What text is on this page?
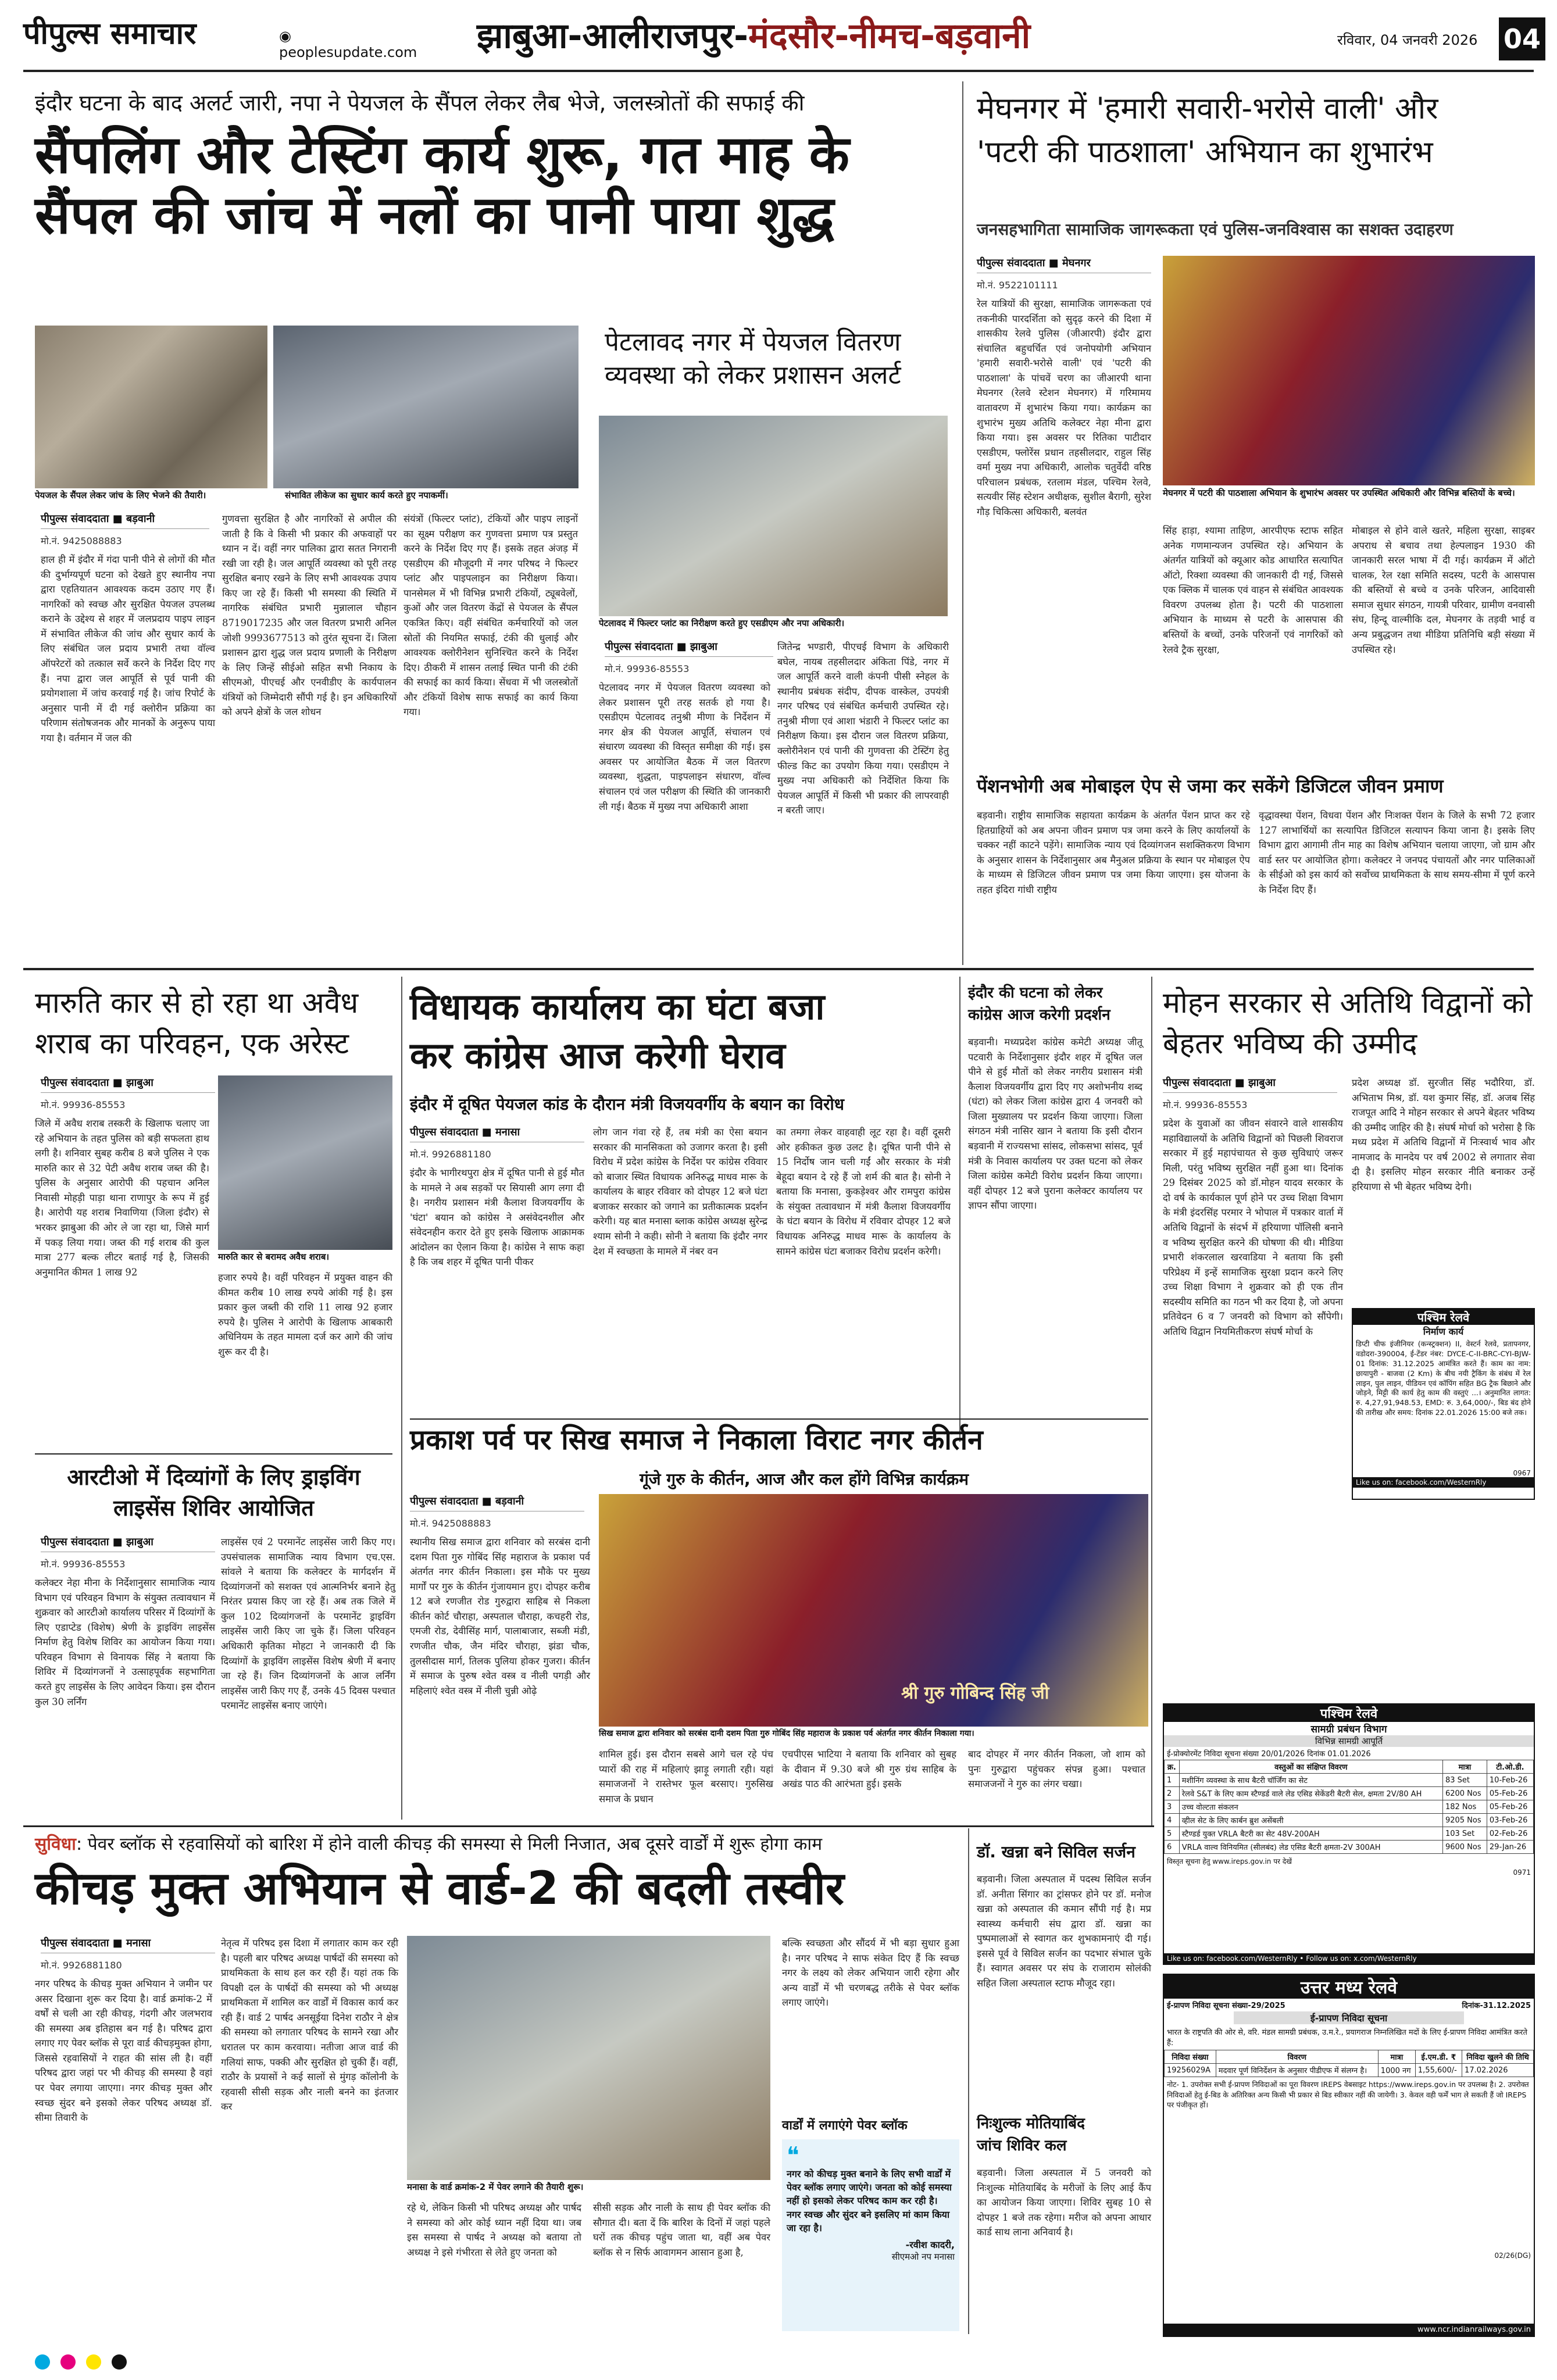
पीपुल्स समाचार	◉ peoplesupdate.com	झाबुआ-आलीराजपुर-मंदसौर-नीमच-बड़वानी	रविवार, 04 जनवरी 2026 04
इंदौर घटना के बाद अलर्ट जारी, नपा ने पेयजल के सैंपल लेकर लैब भेजे, जलस्त्रोतों की सफाई की
सैंपलिंग और टेस्टिंग कार्य शुरू, गत माह के
सैंपल की जांच में नलों का पानी पाया शुद्ध
पेयजल के सैंपल लेकर जांच के लिए भेजने की तैयारी।	संभावित लीकेज का सुधार कार्य करते हुए नपाकर्मी।
पीपुल्स संवाददाता ■ बड़वानी
मो.नं. 9425088883
हाल ही में इंदौर में गंदा पानी पीने से लोगों की मौत की दुर्भाग्यपूर्ण घटना को देखते हुए स्थानीय नपा द्वारा एहतियातन आवश्यक कदम उठाए गए हैं। नागरिकों को स्वच्छ और सुरक्षित पेयजल उपलब्ध कराने के उद्देश्य से शहर में जलप्रदाय पाइप लाइन में संभावित लीकेज की जांच और सुधार कार्य के लिए संबंधित जल प्रदाय प्रभारी तथा वॉल्व ऑपरेटरों को तत्काल सर्वे करने के निर्देश दिए गए हैं। नपा द्वारा जल आपूर्ति से पूर्व पानी की प्रयोगशाला में जांच करवाई गई है। जांच रिपोर्ट के अनुसार पानी में दी गई क्लोरीन प्रक्रिया का परिणाम संतोषजनक और मानकों के अनुरूप पाया गया है। वर्तमान में जल की
गुणवत्ता सुरक्षित है और नागरिकों से अपील की जाती है कि वे किसी भी प्रकार की अफवाहों पर ध्यान न दें। वहीं नगर पालिका द्वारा सतत निगरानी रखी जा रही है। जल आपूर्ति व्यवस्था को पूरी तरह सुरक्षित बनाए रखने के लिए सभी आवश्यक उपाय किए जा रहे हैं। किसी भी समस्या की स्थिति में नागरिक संबंधित प्रभारी मुन्नालाल चौहान 8719017235 और जल वितरण प्रभारी अनिल जोशी 9993677513 को तुरंत सूचना दें। जिला प्रशासन द्वारा शुद्ध जल प्रदाय प्रणाली के निरीक्षण के लिए जिन्हें सीईओ सहित सभी निकाय के सीएमओ, पीएचई और एनवीडीए के कार्यपालन यंत्रियों को जिम्मेदारी सौंपी गई है। इन अधिकारियों को अपने क्षेत्रों के जल शोधन
संयंत्रों (फिल्टर प्लांट), टंकियों और पाइप लाइनों का सूक्ष्म परीक्षण कर गुणवत्ता प्रमाण पत्र प्रस्तुत करने के निर्देश दिए गए हैं। इसके तहत अंजड़ में एसडीएम की मौजूदगी में नगर परिषद ने फिल्टर प्लांट और पाइपलाइन का निरीक्षण किया। पानसेमल में भी विभिन्न प्रभारी टंकियों, ट्यूबवेलों, कुओं और जल वितरण केंद्रों से पेयजल के सैंपल एकत्रित किए। वहीं संबंधित कर्मचारियों को जल स्रोतों की नियमित सफाई, टंकी की धुलाई और आवश्यक क्लोरीनेशन सुनिश्चित करने के निर्देश दिए। ठीकरी में शासन तलाई स्थित पानी की टंकी की सफाई का कार्य किया। सेंधवा में भी जलस्त्रोतों और टंकियों विशेष साफ सफाई का कार्य किया गया।
पेटलावद नगर में पेयजल वितरण व्यवस्था को लेकर प्रशासन अलर्ट
पेटलावद में फिल्टर प्लांट का निरीक्षण करते हुए एसडीएम और नपा अधिकारी।
पीपुल्स संवाददाता ■ झाबुआ
मो.नं. 99936-85553
पेटलावद नगर में पेयजल वितरण व्यवस्था को लेकर प्रशासन पूरी तरह सतर्क हो गया है। एसडीएम पेटलावद तनुश्री मीणा के निर्देशन में नगर क्षेत्र की पेयजल आपूर्ति, संचालन एवं संधारण व्यवस्था की विस्तृत समीक्षा की गई। इस अवसर पर आयोजित बैठक में जल वितरण व्यवस्था, शुद्धता, पाइपलाइन संधारण, वॉल्व संचालन एवं जल परीक्षण की स्थिति की जानकारी ली गई। बैठक में मुख्य नपा अधिकारी आशा
जितेन्द्र भण्डारी, पीएचई विभाग के अधिकारी बघेल, नायब तहसीलदार अंकिता पिंडे, नगर में जल आपूर्ति करने वाली कंपनी पीसी स्नेहल के स्थानीय प्रबंधक संदीप, दीपक वास्केल, उपयंत्री नगर परिषद एवं संबंधित कर्मचारी उपस्थित रहे। तनुश्री मीणा एवं आशा भंडारी ने फिल्टर प्लांट का निरीक्षण किया। इस दौरान जल वितरण प्रक्रिया, क्लोरीनेशन एवं पानी की गुणवत्ता की टेस्टिंग हेतु फील्ड किट का उपयोग किया गया। एसडीएम ने मुख्य नपा अधिकारी को निर्देशित किया कि पेयजल आपूर्ति में किसी भी प्रकार की लापरवाही न बरती जाए।
मेघनगर में 'हमारी सवारी-भरोसे वाली' और
'पटरी की पाठशाला' अभियान का शुभारंभ
जनसहभागिता सामाजिक जागरूकता एवं पुलिस-जनविश्वास का सशक्त उदाहरण
पीपुल्स संवाददाता ■ मेघनगर
मो.नं. 9522101111
रेल यात्रियों की सुरक्षा, सामाजिक जागरूकता एवं तकनीकी पारदर्शिता को सुदृढ़ करने की दिशा में शासकीय रेलवे पुलिस (जीआरपी) इंदौर द्वारा संचालित बहुचर्चित एवं जनोपयोगी अभियान 'हमारी सवारी-भरोसे वाली' एवं 'पटरी की पाठशाला' के पांचवें चरण का जीआरपी थाना मेघनगर (रेलवे स्टेशन मेघनगर) में गरिमामय वातावरण में शुभारंभ किया गया। कार्यक्रम का शुभारंभ मुख्य अतिथि कलेक्टर नेहा मीना द्वारा किया गया। इस अवसर पर रितिका पाटीदार एसडीएम, फ्लोरेंस प्रधान तहसीलदार, राहुल सिंह वर्मा मुख्य नपा अधिकारी, आलोक चतुर्वेदी वरिष्ठ परिचालन प्रबंधक, रतलाम मंडल, पश्चिम रेलवे, सत्यवीर सिंह स्टेशन अधीक्षक, सुशील बैरागी, सुरेश गौड़ चिकित्सा अधिकारी, बलवंत
मेघनगर में पटरी की पाठशाला अभियान के शुभारंभ अवसर पर उपस्थित अधिकारी और विभिन्न बस्तियों के बच्चे।
सिंह हाड़ा, श्यामा ताहिण, आरपीएफ स्टाफ सहित अनेक गणमान्यजन उपस्थित रहे। अभियान के अंतर्गत यात्रियों को क्यूआर कोड आधारित सत्यापित ऑटो, रिक्शा व्यवस्था की जानकारी दी गई, जिससे एक क्लिक में चालक एवं वाहन से संबंधित आवश्यक विवरण उपलब्ध होता है। पटरी की पाठशाला अभियान के माध्यम से पटरी के आसपास की बस्तियों के बच्चों, उनके परिजनों एवं नागरिकों को रेलवे ट्रैक सुरक्षा,
मोबाइल से होने वाले खतरे, महिला सुरक्षा, साइबर अपराध से बचाव तथा हेल्पलाइन 1930 की जानकारी सरल भाषा में दी गई। कार्यक्रम में ऑटो चालक, रेल रक्षा समिति सदस्य, पटरी के आसपास की बस्तियों से बच्चे व उनके परिजन, आदिवासी समाज सुधार संगठन, गायत्री परिवार, ग्रामीण वनवासी संघ, हिन्दू वाल्मीकि दल, मेघनगर के तड़वी भाई व अन्य प्रबुद्धजन तथा मीडिया प्रतिनिधि बड़ी संख्या में उपस्थित रहे।
पेंशनभोगी अब मोबाइल ऐप से जमा कर सकेंगे डिजिटल जीवन प्रमाण
बड़वानी। राष्ट्रीय सामाजिक सहायता कार्यक्रम के अंतर्गत पेंशन प्राप्त कर रहे हितग्राहियों को अब अपना जीवन प्रमाण पत्र जमा करने के लिए कार्यालयों के चक्कर नहीं काटने पड़ेंगे। सामाजिक न्याय एवं दिव्यांगजन सशक्तिकरण विभाग के अनुसार शासन के निर्देशानुसार अब मैनुअल प्रक्रिया के स्थान पर मोबाइल ऐप के माध्यम से डिजिटल जीवन प्रमाण पत्र जमा किया जाएगा। इस योजना के तहत इंदिरा गांधी राष्ट्रीय
वृद्धावस्था पेंशन, विधवा पेंशन और निःशक्त पेंशन के जिले के सभी 72 हजार 127 लाभार्थियों का सत्यापित डिजिटल सत्यापन किया जाना है। इसके लिए विभाग द्वारा आगामी तीन माह का विशेष अभियान चलाया जाएगा, जो ग्राम और वार्ड स्तर पर आयोजित होगा। कलेक्टर ने जनपद पंचायतों और नगर पालिकाओं के सीईओ को इस कार्य को सर्वोच्च प्राथमिकता के साथ समय-सीमा में पूर्ण करने के निर्देश दिए हैं।
मारुति कार से हो रहा था अवैध शराब का परिवहन, एक अरेस्ट
पीपुल्स संवाददाता ■ झाबुआ
मो.नं. 99936-85553
जिले में अवैध शराब तस्करी के खिलाफ चलाए जा रहे अभियान के तहत पुलिस को बड़ी सफलता हाथ लगी है। शनिवार सुबह करीब 8 बजे पुलिस ने एक मारुति कार से 32 पेटी अवैध शराब जब्त की है। पुलिस के अनुसार आरोपी की पहचान अनिल निवासी मोहड़ी पाड़ा थाना राणापुर के रूप में हुई है। आरोपी यह शराब निवाणिया (जिला इंदौर) से भरकर झाबुआ की ओर ले जा रहा था, जिसे मार्ग में पकड़ लिया गया। जब्त की गई शराब की कुल मात्रा 277 बल्क लीटर बताई गई है, जिसकी अनुमानित कीमत 1 लाख 92
मारुति कार से बरामद अवैध शराब।
हजार रुपये है। वहीं परिवहन में प्रयुक्त वाहन की कीमत करीब 10 लाख रुपये आंकी गई है। इस प्रकार कुल जब्ती की राशि 11 लाख 92 हजार रुपये है। पुलिस ने आरोपी के खिलाफ आबकारी अधिनियम के तहत मामला दर्ज कर आगे की जांच शुरू कर दी है।
आरटीओ में दिव्यांगों के लिए ड्राइविंग लाइसेंस शिविर आयोजित
पीपुल्स संवाददाता ■ झाबुआ
मो.नं. 99936-85553
कलेक्टर नेहा मीना के निर्देशानुसार सामाजिक न्याय विभाग एवं परिवहन विभाग के संयुक्त तत्वावधान में शुक्रवार को आरटीओ कार्यालय परिसर में दिव्यांगों के लिए एडाप्टेड (विशेष) श्रेणी के ड्राइविंग लाइसेंस निर्माण हेतु विशेष शिविर का आयोजन किया गया। परिवहन विभाग से विनायक सिंह ने बताया कि शिविर में दिव्यांगजनों ने उत्साहपूर्वक सहभागिता करते हुए लाइसेंस के लिए आवेदन किया। इस दौरान कुल 30 लर्निंग
लाइसेंस एवं 2 परमानेंट लाइसेंस जारी किए गए। उपसंचालक सामाजिक न्याय विभाग एच.एस. सांवले ने बताया कि कलेक्टर के मार्गदर्शन में दिव्यांगजनों को सशक्त एवं आत्मनिर्भर बनाने हेतु निरंतर प्रयास किए जा रहे हैं। अब तक जिले में कुल 102 दिव्यांगजनों के परमानेंट ड्राइविंग लाइसेंस जारी किए जा चुके हैं। जिला परिवहन अधिकारी कृतिका मोहटा ने जानकारी दी कि दिव्यांगों के ड्राइविंग लाइसेंस विशेष श्रेणी में बनाए जा रहे हैं। जिन दिव्यांगजनों के आज लर्निंग लाइसेंस जारी किए गए हैं, उनके 45 दिवस पश्चात परमानेंट लाइसेंस बनाए जाएंगे।
विधायक कार्यालय का घंटा बजा
कर कांग्रेस आज करेगी घेराव
इंदौर में दूषित पेयजल कांड के दौरान मंत्री विजयवर्गीय के बयान का विरोध
पीपुल्स संवाददाता ■ मनासा
मो.नं. 9926881180
इंदौर के भागीरथपुरा क्षेत्र में दूषित पानी से हुई मौत के मामले ने अब सड़कों पर सियासी आग लगा दी है। नगरीय प्रशासन मंत्री कैलाश विजयवर्गीय के 'घंटा' बयान को कांग्रेस ने असंवेदनशील और संवेदनहीन करार देते हुए इसके खिलाफ आक्रामक आंदोलन का ऐलान किया है। कांग्रेस ने साफ कहा है कि जब शहर में दूषित पानी पीकर
लोग जान गंवा रहे हैं, तब मंत्री का ऐसा बयान सरकार की मानसिकता को उजागर करता है। इसी विरोध में प्रदेश कांग्रेस के निर्देश पर कांग्रेस रविवार को बाजार स्थित विधायक अनिरुद्ध माधव मारू के कार्यालय के बाहर रविवार को दोपहर 12 बजे घंटा बजाकर सरकार को जगाने का प्रतीकात्मक प्रदर्शन करेगी। यह बात मनासा ब्लाक कांग्रेस अध्यक्ष सुरेन्द्र श्याम सोनी ने कही। सोनी ने बताया कि इंदौर नगर देश में स्वच्छता के मामले में नंबर वन
का तमगा लेकर वाहवाही लूट रहा है। वहीं दूसरी ओर हकीकत कुछ उलट है। दूषित पानी पीने से 15 निर्दोष जान चली गईं और सरकार के मंत्री बेहूदा बयान दे रहे हैं जो शर्म की बात है। सोनी ने बताया कि मनासा, कुकड़ेश्वर और रामपुरा कांग्रेस के संयुक्त तत्वावधान में मंत्री कैलाश विजयवर्गीय के घंटा बयान के विरोध में रविवार दोपहर 12 बजे विधायक अनिरुद्ध माधव मारू के कार्यालय के सामने कांग्रेस घंटा बजाकर विरोध प्रदर्शन करेगी।
इंदौर की घटना को लेकर
कांग्रेस आज करेगी प्रदर्शन
बड़वानी। मध्यप्रदेश कांग्रेस कमेटी अध्यक्ष जीतू पटवारी के निर्देशानुसार इंदौर शहर में दूषित जल पीने से हुई मौतों को लेकर नगरीय प्रशासन मंत्री कैलाश विजयवर्गीय द्वारा दिए गए अशोभनीय शब्द (घंटा) को लेकर जिला कांग्रेस द्वारा 4 जनवरी को जिला मुख्यालय पर प्रदर्शन किया जाएगा। जिला संगठन मंत्री नासिर खान ने बताया कि इसी दौरान बड़वानी में राज्यसभा सांसद, लोकसभा सांसद, पूर्व मंत्री के निवास कार्यालय पर उक्त घटना को लेकर जिला कांग्रेस कमेटी विरोध प्रदर्शन किया जाएगा। वहीं दोपहर 12 बजे पुराना कलेक्टर कार्यालय पर ज्ञापन सौंपा जाएगा।
मोहन सरकार से अतिथि विद्वानों को बेहतर भविष्य की उम्मीद
पीपुल्स संवाददाता ■ झाबुआ
मो.नं. 99936-85553
प्रदेश के युवाओं का जीवन संवारने वाले शासकीय महाविद्यालयों के अतिथि विद्वानों को पिछली शिवराज सरकार में हुई महापंचायत से कुछ सुविधाएं जरूर मिली, परंतु भविष्य सुरक्षित नहीं हुआ था। दिनांक 29 दिसंबर 2025 को डॉ.मोहन यादव सरकार के दो वर्ष के कार्यकाल पूर्ण होने पर उच्च शिक्षा विभाग के मंत्री इंदरसिंह परमार ने भोपाल में पत्रकार वार्ता में अतिथि विद्वानों के संदर्भ में हरियाणा पॉलिसी बनाने व भविष्य सुरक्षित करने की घोषणा की थी। मीडिया प्रभारी शंकरलाल खरवाडिया ने बताया कि इसी परिप्रेक्ष्य में इन्हें सामाजिक सुरक्षा प्रदान करने लिए उच्च शिक्षा विभाग ने शुक्रवार को ही एक तीन सदस्यीय समिति का गठन भी कर दिया है, जो अपना प्रतिवेदन 6 व 7 जनवरी को विभाग को सौंपेगी। अतिथि विद्वान नियमितीकरण संघर्ष मोर्चा के
प्रदेश अध्यक्ष डॉ. सुरजीत सिंह भदौरिया, डॉ. अभिताभ मिश्र, डॉ. यश कुमार सिंह, डॉ. अजब सिंह राजपूत आदि ने मोहन सरकार से अपने बेहतर भविष्य की उम्मीद जाहिर की है। संघर्ष मोर्चा को भरोसा है कि मध्य प्रदेश में अतिथि विद्वानों में निःस्वार्थ भाव और नामजाद के मानदेय पर वर्ष 2002 से लगातार सेवा दी है। इसलिए मोहन सरकार नीति बनाकर उन्हें हरियाणा से भी बेहतर भविष्य देगी।
पश्चिम रेलवे
निर्माण कार्य
डिप्टी चीफ इंजीनियर (कन्स्ट्रक्शन) II, वेस्टर्न रेलवे, प्रतापनगर, वडोदरा-390004, ई-टेंडर नंबर: DYCE-C-II-BRC-CYI-BJW-01 दिनांक: 31.12.2025 आमंत्रित करते हैं। काम का नाम: छायापुरी - बाजवा (2 Km) के बीच नयी ट्रैकिंग के संबंध में रेल लाइन, पुल लाइन, पीडियन एवं कॉपिंग सहित BG ट्रैक बिछाने और जोड़ने, मिट्टी की कार्य हेतु काम की वस्तुएं ...। अनुमानित लागत: रु. 4,27,91,948.53, EMD: रु. 3,64,000/-, बिड बंद होने की तारीख और समय: दिनांक 22.01.2026 15:00 बजे तक।
0967
Like us on: facebook.com/WesternRly
प्रकाश पर्व पर सिख समाज ने निकाला विराट नगर कीर्तन
गूंजे गुरु के कीर्तन, आज और कल होंगे विभिन्न कार्यक्रम
पीपुल्स संवाददाता ■ बड़वानी
मो.नं. 9425088883
स्थानीय सिख समाज द्वारा शनिवार को सरबंस दानी दशम पिता गुरु गोबिंद सिंह महाराज के प्रकाश पर्व अंतर्गत नगर कीर्तन निकाला। इस मौके पर मुख्य मार्गों पर गुरु के कीर्तन गुंजायमान हुए। दोपहर करीब 12 बजे रणजीत रोड गुरुद्वारा साहिब से निकला कीर्तन कोर्ट चौराहा, अस्पताल चौराहा, कचहरी रोड, एमजी रोड, देवीसिंह मार्ग, पालाबाजार, सब्जी मंडी, रणजीत चौक, जैन मंदिर चौराहा, झंडा चौक, तुलसीदास मार्ग, तिलक पुलिया होकर गुजरा। कीर्तन में समाज के पुरुष श्वेत वस्त्र व नीली पगड़ी और महिलाएं श्वेत वस्त्र में नीली चुन्नी ओढ़े	श्री गुरु गोबिन्द सिंह जी
सिख समाज द्वारा शनिवार को सरबंस दानी दशम पिता गुरु गोबिंद सिंह महाराज के प्रकाश पर्व अंतर्गत नगर कीर्तन निकाला गया।
शामिल हुई। इस दौरान सबसे आगे चल रहे पंच प्यारों की राह में महिलाएं झाड़ू लगाती रही। यहां समाजजनों ने रास्तेभर फूल बरसाए। गुरुसिख समाज के प्रधान
एचपीएस भाटिया ने बताया कि शनिवार को सुबह के दीवान में 9.30 बजे श्री गुरु ग्रंथ साहिब के अखंड पाठ की आरंभता हुई। इसके
बाद दोपहर में नगर कीर्तन निकला, जो शाम को पुनः गुरुद्वारा पहुंचकर संपन्न हुआ। पश्चात समाजजनों ने गुरु का लंगर चखा।
पश्चिम रेलवे
सामग्री प्रबंधन विभाग
विभिन्न सामग्री आपूर्ति
ई-प्रोक्योरमेंट निविदा सूचना संख्या 20/01/2026 दिनांक 01.01.2026
क्र.	वस्तुओं का संक्षिप्त विवरण	मात्रा	टी.ओ.डी.
1	मशीनिंग व्यवस्था के साथ बैटरी चॉर्जिंग का सेट	83 Set	10-Feb-26
2	रेलवे S&T के लिए काम स्टैण्डर्ड वाले लेड एसिड सेकेंडरी बैटरी सेल, क्षमता 2V/80 AH	6200 Nos	05-Feb-26
3	उच्च वोल्टता संकलन	182 Nos	05-Feb-26
4	व्हील सेट के लिए कार्बन ब्रुश असेंबली	9205 Nos	03-Feb-26
5	स्टैण्डर्ड युक्त VRLA बैटरी का सेट 48V-200AH	103 Set	02-Feb-26
6	VRLA वाल्व विनियमित (सीलबंद) लेड एसिड बैटरी क्षमता-2V 300AH	9600 Nos	29-Jan-26
विस्तृत सूचना हेतु www.ireps.gov.in पर देखें
0971
Like us on: facebook.com/WesternRly • Follow us on: x.com/WesternRly
सुविधा: पेवर ब्लॉक से रहवासियों को बारिश में होने वाली कीचड़ की समस्या से मिली निजात, अब दूसरे वार्डों में शुरू होगा काम
कीचड़ मुक्त अभियान से वार्ड-2 की बदली तस्वीर
पीपुल्स संवाददाता ■ मनासा
मो.नं. 9926881180
नगर परिषद के कीचड़ मुक्त अभियान ने जमीन पर असर दिखाना शुरू कर दिया है। वार्ड क्रमांक-2 में वर्षों से चली आ रही कीचड़, गंदगी और जलभराव की समस्या अब इतिहास बन गई है। परिषद द्वारा लगाए गए पेवर ब्लॉक से पूरा वार्ड कीचड़मुक्त होगा, जिससे रहवासियों ने राहत की सांस ली है। वहीं परिषद द्वारा जहां पर भी कीचड़ की समस्या है वहां पर पेवर लगाया जाएगा। नगर कीचड़ मुक्त और स्वच्छ सुंदर बने इसको लेकर परिषद अध्यक्ष डॉ. सीमा तिवारी के
नेतृत्व में परिषद इस दिशा में लगातार काम कर रही है। पहली बार परिषद अध्यक्ष पार्षदों की समस्या को प्राथमिकता के साथ हल कर रही हैं। यहां तक कि विपक्षी दल के पार्षदों की समस्या को भी अध्यक्ष प्राथमिकता में शामिल कर वार्डों में विकास कार्य कर रही हैं। वार्ड 2 पार्षद अनसूईया दिनेश राठौर ने क्षेत्र की समस्या को लगातार परिषद के सामने रखा और धरातल पर काम करवाया। नतीजा आज वार्ड की गलियां साफ, पक्की और सुरक्षित हो चुकी हैं। वहीं, राठौर के प्रयासों ने कई सालों से मुंगड़ कॉलोनी के रहवासी सीसी सड़क और नाली बनने का इंतजार कर
मनासा के वार्ड क्रमांक-2 में पेवर लगाने की तैयारी शुरू।
रहे थे, लेकिन किसी भी परिषद अध्यक्ष और पार्षद ने समस्या को ओर कोई ध्यान नहीं दिया था। जब इस समस्या से पार्षद ने अध्यक्ष को बताया तो अध्यक्ष ने इसे गंभीरता से लेते हुए जनता को
सीसी सड़क और नाली के साथ ही पेवर ब्लॉक की सौगात दी। बता दें कि बारिश के दिनों में जहां पहले घरों तक कीचड़ पहुंच जाता था, वहीं अब पेवर ब्लॉक से न सिर्फ आवागमन आसान हुआ है,
बल्कि स्वच्छता और सौंदर्य में भी बड़ा सुधार हुआ है। नगर परिषद ने साफ संकेत दिए हैं कि स्वच्छ नगर के लक्ष्य को लेकर अभियान जारी रहेगा और अन्य वार्डों में भी चरणबद्ध तरीके से पेवर ब्लॉक लगाए जाएंगे।
वार्डों में लगाएंगे पेवर ब्लॉक
❝
नगर को कीचड़ मुक्त बनाने के लिए सभी वार्डों में पेवर ब्लॉक लगाए जाएंगे। जनता को कोई समस्या नहीं हो इसको लेकर परिषद काम कर रही है। नगर स्वच्छ और सुंदर बने इसलिए मां काम किया जा रहा है।
-रवीश कादरी,
सीएमओ नप मनासा
डॉ. खन्ना बने सिविल सर्जन
बड़वानी। जिला अस्पताल में पदस्थ सिविल सर्जन डॉ. अनीता सिंगार का ट्रांसफर होने पर डॉ. मनोज खन्ना को अस्पताल की कमान सौंपी गई है। मप्र स्वास्थ्य कर्मचारी संघ द्वारा डॉ. खन्ना का पुष्पमालाओं से स्वागत कर शुभकामनाएं दी गई। इससे पूर्व वे सिविल सर्जन का पदभार संभाल चुके हैं। स्वागत अवसर पर संघ के राजाराम सोलंकी सहित जिला अस्पताल स्टाफ मौजूद रहा।
निःशुल्क मोतियाबिंद
जांच शिविर कल
बड़वानी। जिला अस्पताल में 5 जनवरी को निःशुल्क मोतियाबिंद के मरीजों के लिए आई कैंप का आयोजन किया जाएगा। शिविर सुबह 10 से दोपहर 1 बजे तक रहेगा। मरीज को अपना आधार कार्ड साथ लाना अनिवार्य है।
उत्तर मध्य रेलवे
ई-प्रापण निविदा सूचना संख्या-29/2025	दिनांक-31.12.2025
ई-प्रापण निविदा सूचना
भारत के राष्ट्रपति की ओर से, वरि. मंडल सामग्री प्रबंधक, उ.म.रे., प्रयागराज निम्नलिखित मदों के लिए ई-प्रापण निविदा आमंत्रित करते हैं:
निविदा संख्या	विवरण	मात्रा	ई.एम.डी. ₹	निविदा खुलने की तिथि
19256029A	मदवार पूर्ण विनिर्देशन के अनुसार पीडीएफ में संलग्न है।	1000 नग	1,55,600/-	17.02.2026
नोट- 1. उपरोक्त सभी ई-प्रापण निविदाओं का पूरा विवरण IREPS वेबसाइट https://www.ireps.gov.in पर उपलब्ध है। 2. उपरोक्त निविदाओं हेतु ई-बिड के अतिरिक्त अन्य किसी भी प्रकार से बिड स्वीकार नहीं की जायेगी। 3. केवल वही फर्में भाग ले सकती हैं जो IREPS पर पंजीकृत हों।
02/26(DG)
www.ncr.indianrailways.gov.in
